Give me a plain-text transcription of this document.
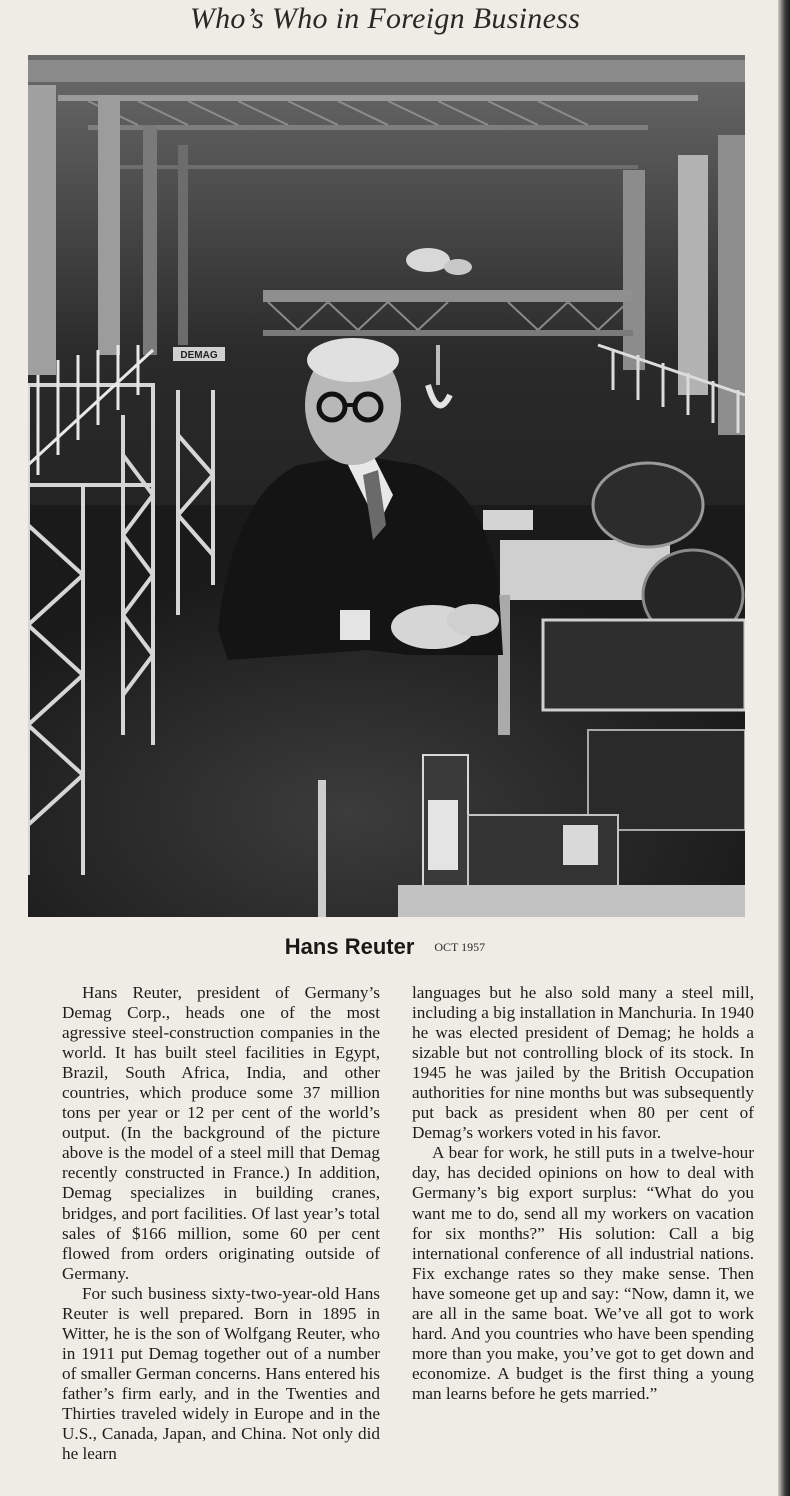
Who’s Who in Foreign Business
DEMAG
Hans Reuter OCT 1957

Hans Reuter, president of Germany’s Demag Corp., heads one of the most agressive steel-construction companies in the world. It has built steel facilities in Egypt, Brazil, South Africa, India, and other countries, which produce some 37 million tons per year or 12 per cent of the world’s output. (In the background of the picture above is the model of a steel mill that Demag recently constructed in France.) In addition, Demag specializes in building cranes, bridges, and port facilities. Of last year’s total sales of $166 million, some 60 per cent flowed from orders originating outside of Germany.

For such business sixty-two-year-old Hans Reuter is well prepared. Born in 1895 in Witter, he is the son of Wolfgang Reuter, who in 1911 put Demag together out of a number of smaller German concerns. Hans entered his father’s firm early, and in the Twenties and Thirties traveled widely in Europe and in the U.S., Canada, Japan, and China. Not only did he learn

languages but he also sold many a steel mill, including a big installation in Manchuria. In 1940 he was elected president of Demag; he holds a sizable but not controlling block of its stock. In 1945 he was jailed by the British Occupation authorities for nine months but was subsequently put back as president when 80 per cent of Demag’s workers voted in his favor.

A bear for work, he still puts in a twelve-hour day, has decided opinions on how to deal with Germany’s big export surplus: “What do you want me to do, send all my workers on vacation for six months?” His solution: Call a big international conference of all industrial nations. Fix exchange rates so they make sense. Then have someone get up and say: “Now, damn it, we are all in the same boat. We’ve all got to work hard. And you countries who have been spending more than you make, you’ve got to get down and economize. A budget is the first thing a young man learns before he gets married.”
